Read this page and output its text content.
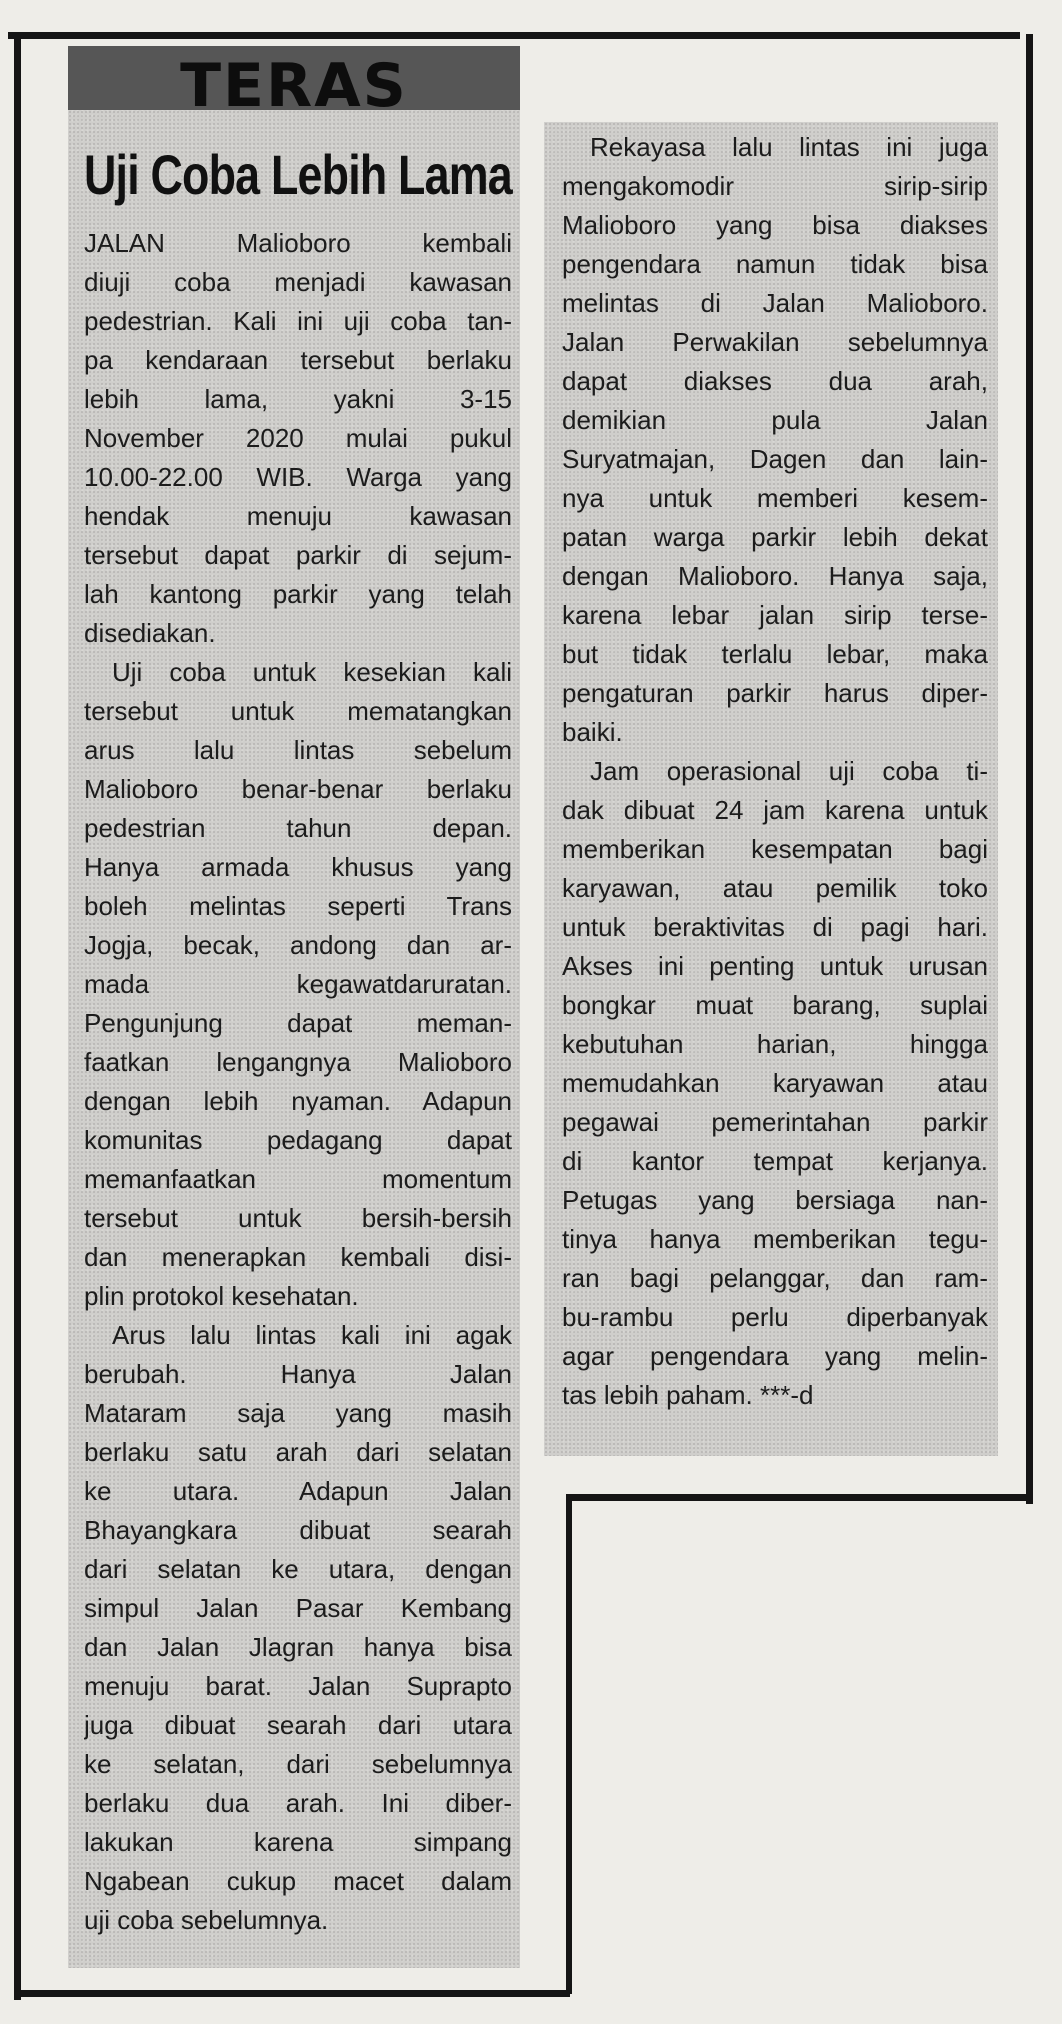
TERAS
Uji Coba Lebih Lama
JALAN Malioboro kembali
diuji coba menjadi kawasan
pedestrian. Kali ini uji coba tan-
pa kendaraan tersebut berlaku
lebih lama, yakni 3-15
November 2020 mulai pukul
10.00-22.00 WIB. Warga yang
hendak menuju kawasan
tersebut dapat parkir di sejum-
lah kantong parkir yang telah
disediakan.
Uji coba untuk kesekian kali
tersebut untuk mematangkan
arus lalu lintas sebelum
Malioboro benar-benar berlaku
pedestrian tahun depan.
Hanya armada khusus yang
boleh melintas seperti Trans
Jogja, becak, andong dan ar-
mada kegawatdaruratan.
Pengunjung dapat meman-
faatkan lengangnya Malioboro
dengan lebih nyaman. Adapun
komunitas pedagang dapat
memanfaatkan momentum
tersebut untuk bersih-bersih
dan menerapkan kembali disi-
plin protokol kesehatan.
Arus lalu lintas kali ini agak
berubah. Hanya Jalan
Mataram saja yang masih
berlaku satu arah dari selatan
ke utara. Adapun Jalan
Bhayangkara dibuat searah
dari selatan ke utara, dengan
simpul Jalan Pasar Kembang
dan Jalan Jlagran hanya bisa
menuju barat. Jalan Suprapto
juga dibuat searah dari utara
ke selatan, dari sebelumnya
berlaku dua arah. Ini diber-
lakukan karena simpang
Ngabean cukup macet dalam
uji coba sebelumnya.
Rekayasa lalu lintas ini juga
mengakomodir sirip-sirip
Malioboro yang bisa diakses
pengendara namun tidak bisa
melintas di Jalan Malioboro.
Jalan Perwakilan sebelumnya
dapat diakses dua arah,
demikian pula Jalan
Suryatmajan, Dagen dan lain-
nya untuk memberi kesem-
patan warga parkir lebih dekat
dengan Malioboro. Hanya saja,
karena lebar jalan sirip terse-
but tidak terlalu lebar, maka
pengaturan parkir harus diper-
baiki.
Jam operasional uji coba ti-
dak dibuat 24 jam karena untuk
memberikan kesempatan bagi
karyawan, atau pemilik toko
untuk beraktivitas di pagi hari.
Akses ini penting untuk urusan
bongkar muat barang, suplai
kebutuhan harian, hingga
memudahkan karyawan atau
pegawai pemerintahan parkir
di kantor tempat kerjanya.
Petugas yang bersiaga nan-
tinya hanya memberikan tegu-
ran bagi pelanggar, dan ram-
bu-rambu perlu diperbanyak
agar pengendara yang melin-
tas lebih paham. ***-d
